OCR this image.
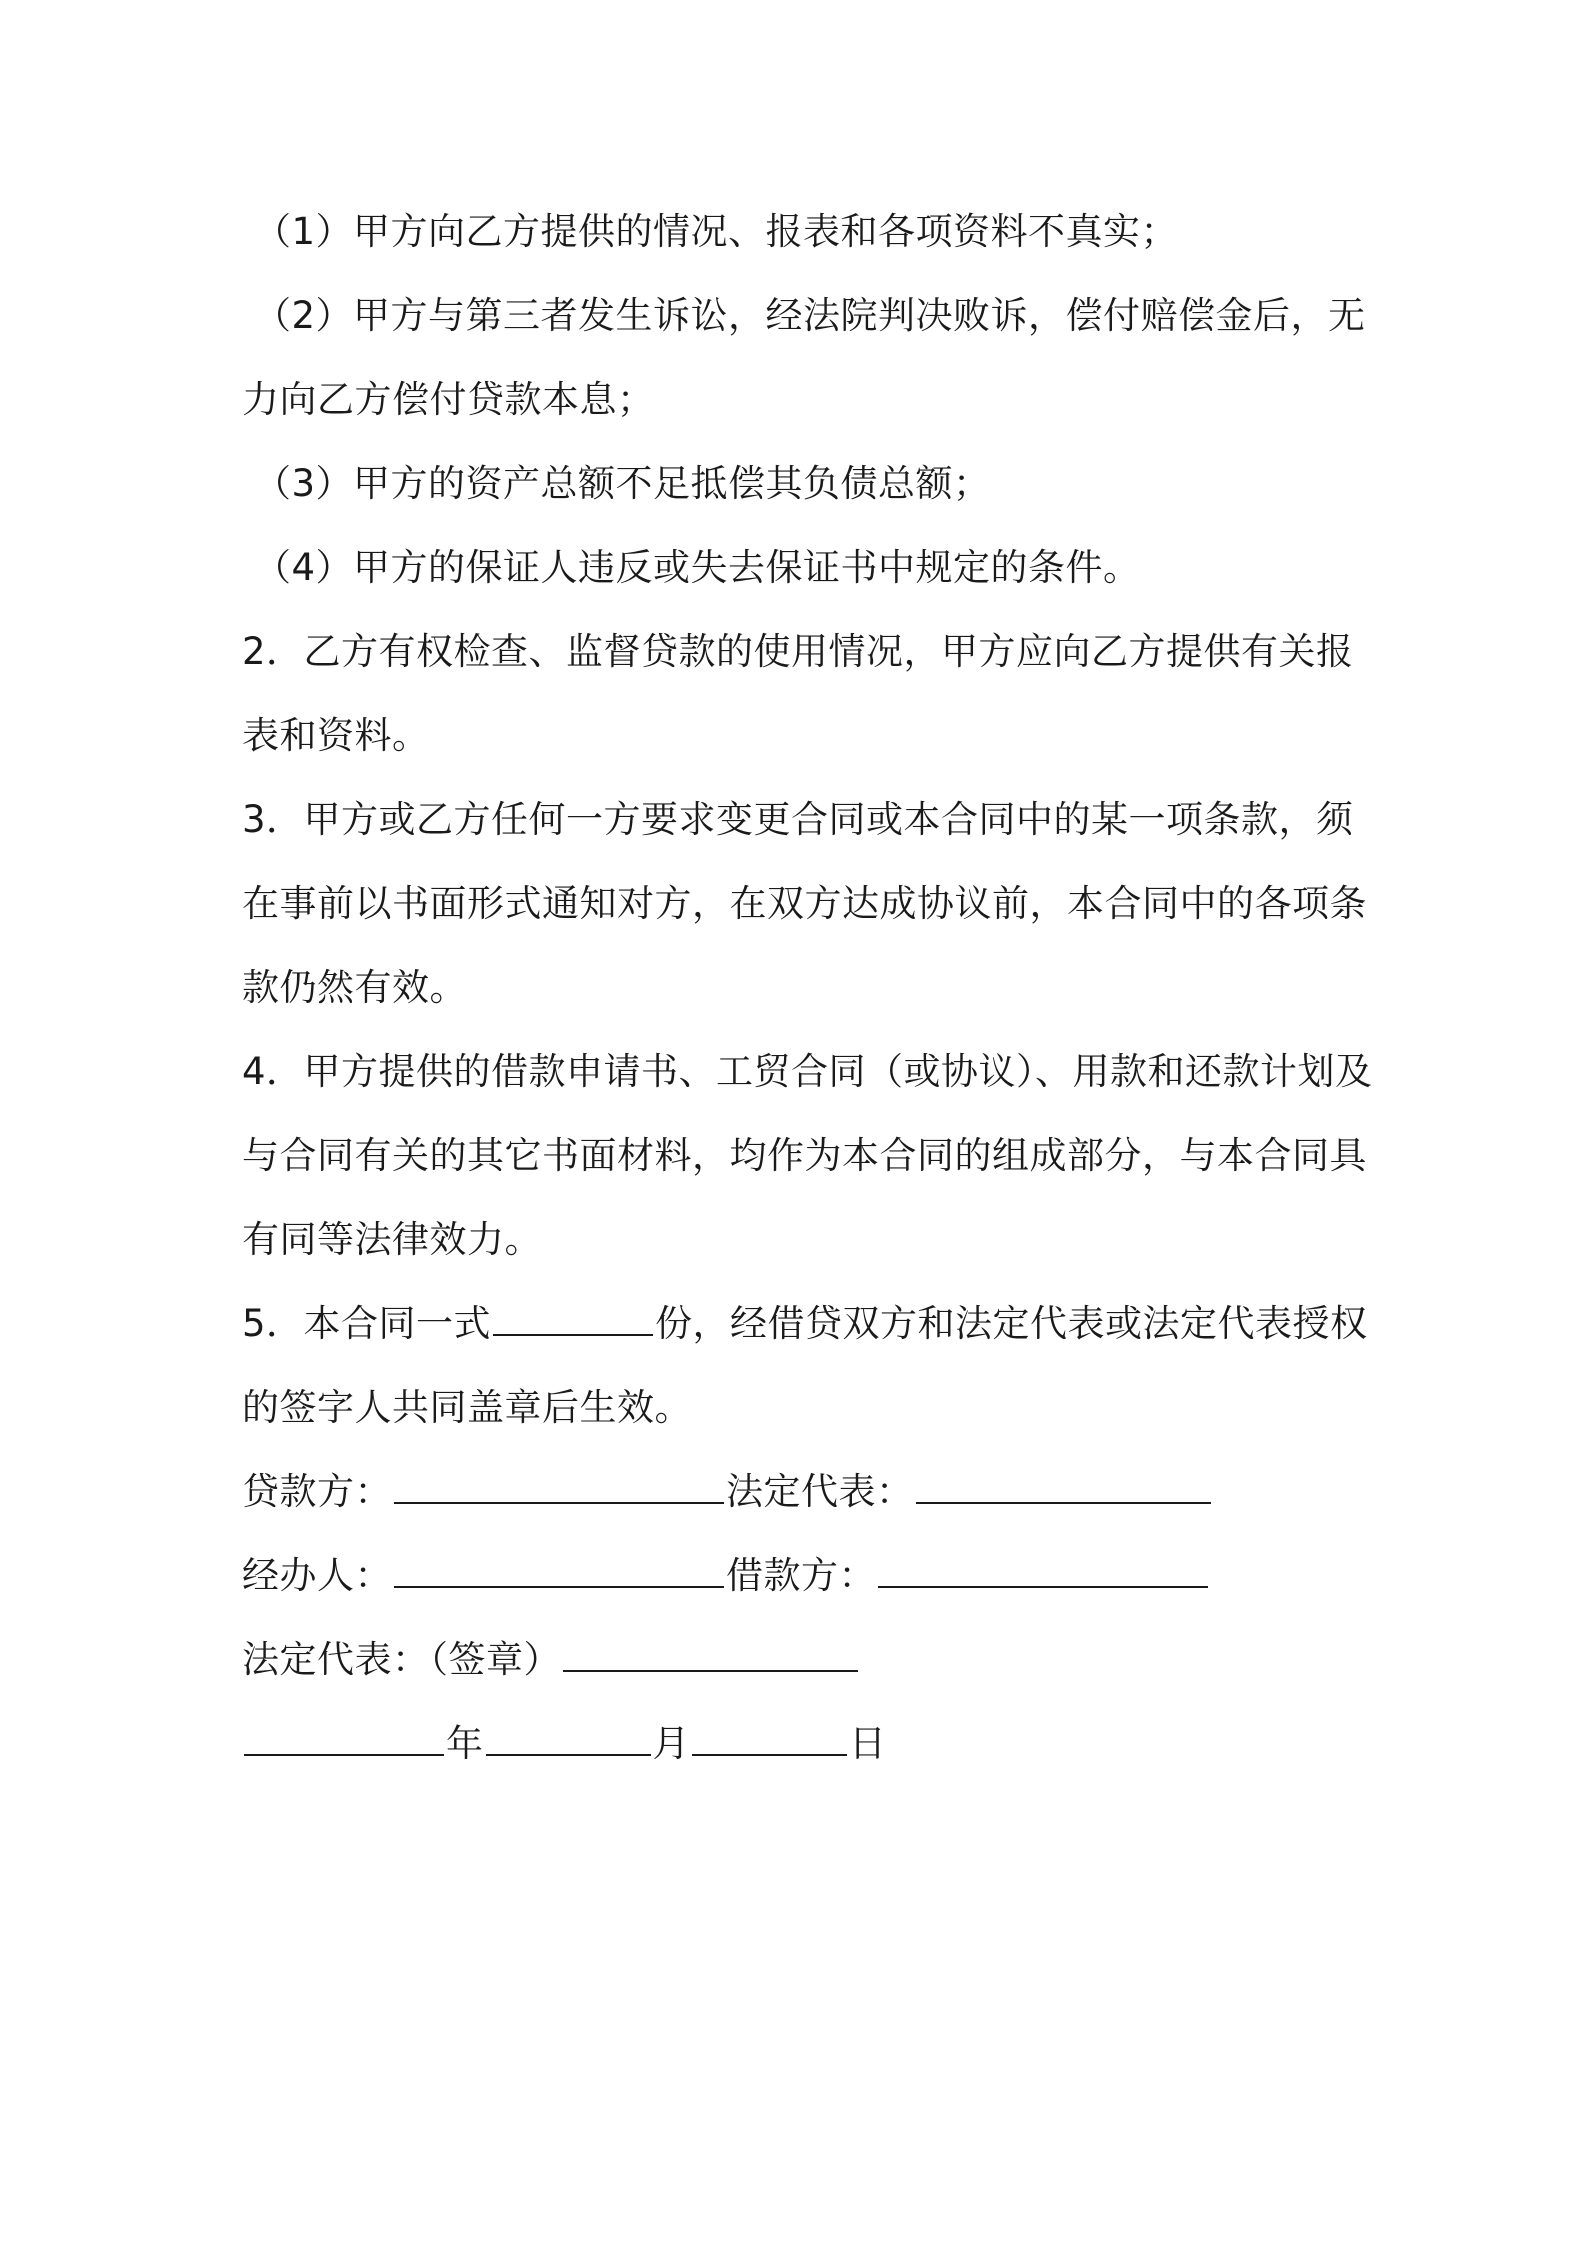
（1）甲方向乙方提供的情况、报表和各项资料不真实；
（2）甲方与第三者发生诉讼，经法院判决败诉，偿付赔偿金后，无
力向乙方偿付贷款本息；
（3）甲方的资产总额不足抵偿其负债总额；
（4）甲方的保证人违反或失去保证书中规定的条件。
2．乙方有权检查、监督贷款的使用情况，甲方应向乙方提供有关报
表和资料。
3．甲方或乙方任何一方要求变更合同或本合同中的某一项条款，须
在事前以书面形式通知对方，在双方达成协议前，本合同中的各项条
款仍然有效。
4．甲方提供的借款申请书、工贸合同（或协议）、用款和还款计划及
与合同有关的其它书面材料，均作为本合同的组成部分，与本合同具
有同等法律效力。
5．本合同一式	份，经借贷双方和法定代表或法定代表授权
的签字人共同盖章后生效。
贷款方：	法定代表：
经办人：	借款方：
法定代表：（签章）
年	月	日
